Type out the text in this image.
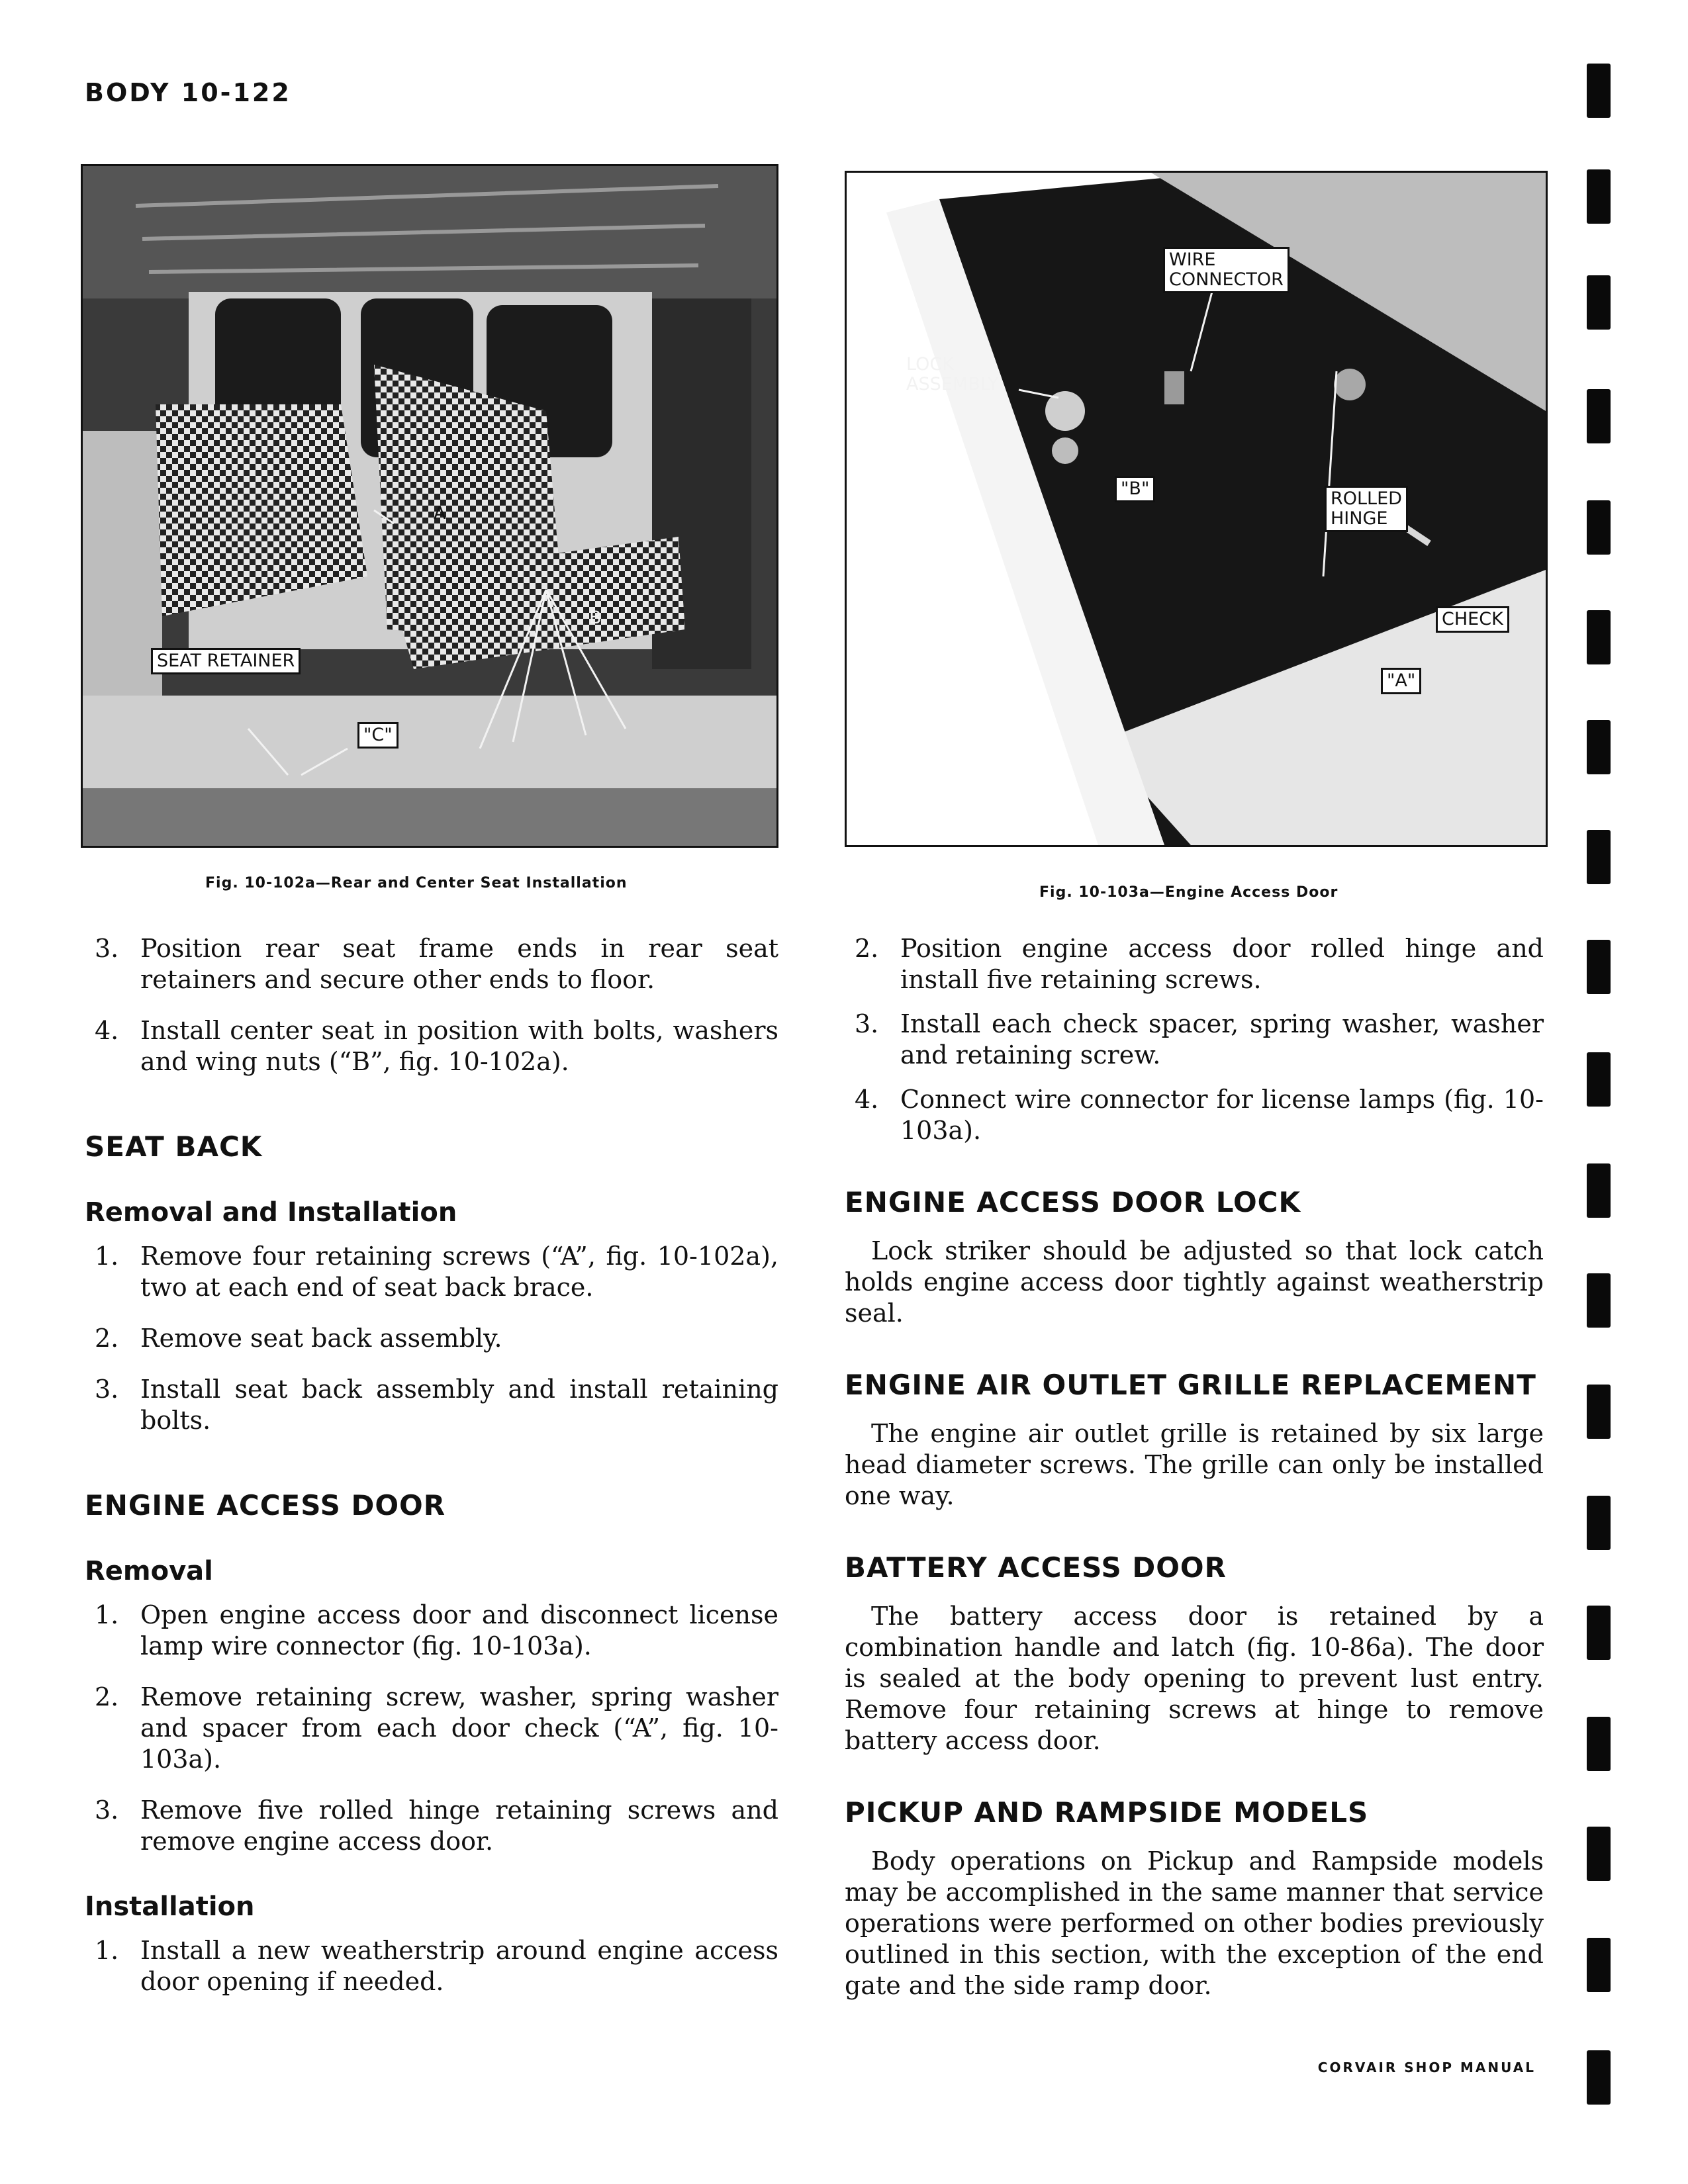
BODY 10-122
A
B
SEAT RETAINER
"C"
Fig. 10-102a—Rear and Center Seat Installation
WIRE
CONNECTOR
LOCK
ASSEMBLY
"B"	ROLLED
HINGE
CHECK
"A"
Fig. 10-103a—Engine Access Door
3. Position rear seat frame ends in rear seat retainers and secure other ends to floor.
4. Install center seat in position with bolts, washers and wing nuts (“B”, fig. 10-102a).
SEAT BACK
Removal and Installation
1. Remove four retaining screws (“A”, fig. 10-102a), two at each end of seat back brace.
2. Remove seat back assembly.
3. Install seat back assembly and install retaining bolts.
ENGINE ACCESS DOOR
Removal
1. Open engine access door and disconnect license lamp wire connector (fig. 10-103a).
2. Remove retaining screw, washer, spring washer and spacer from each door check (“A”, fig. 10-103a).
3. Remove five rolled hinge retaining screws and remove engine access door.
Installation
1. Install a new weatherstrip around engine access door opening if needed.
2. Position engine access door rolled hinge and install five retaining screws.
3. Install each check spacer, spring washer, washer and retaining screw.
4. Connect wire connector for license lamps (fig. 10-103a).
ENGINE ACCESS DOOR LOCK
Lock striker should be adjusted so that lock catch holds engine access door tightly against weatherstrip seal.
ENGINE AIR OUTLET GRILLE REPLACEMENT
The engine air outlet grille is retained by six large head diameter screws. The grille can only be installed one way.
BATTERY ACCESS DOOR
The battery access door is retained by a combination handle and latch (fig. 10-86a). The door is sealed at the body opening to prevent lust entry. Remove four retaining screws at hinge to remove battery access door.
PICKUP AND RAMPSIDE MODELS
Body operations on Pickup and Rampside models may be accomplished in the same manner that service operations were performed on other bodies previously outlined in this section, with the exception of the end gate and the side ramp door.
CORVAIR SHOP MANUAL
